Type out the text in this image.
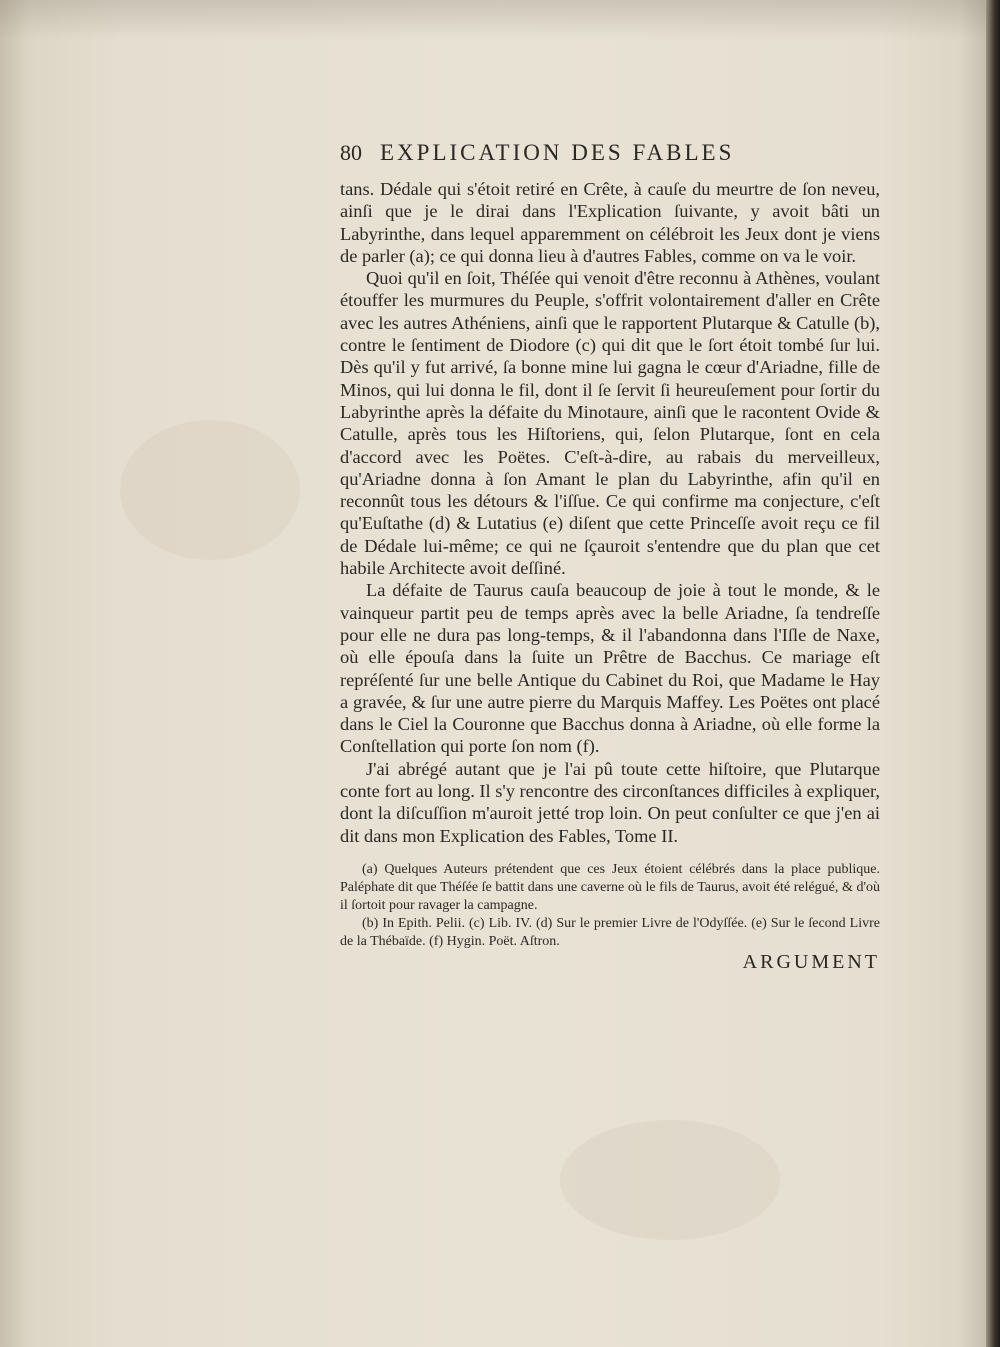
80 EXPLICATION DES FABLES

tans. Dédale qui s'étoit retiré en Crête, à cauſe du meurtre de ſon neveu, ainſi que je le dirai dans l'Explication ſuivante, y avoit bâti un Labyrinthe, dans lequel apparemment on célébroit les Jeux dont je viens de parler (a); ce qui donna lieu à d'autres Fables, comme on va le voir.

Quoi qu'il en ſoit, Théſée qui venoit d'être reconnu à Athènes, voulant étouffer les murmures du Peuple, s'offrit volontairement d'aller en Crête avec les autres Athéniens, ainſi que le rapportent Plutarque & Catulle (b), contre le ſentiment de Diodore (c) qui dit que le ſort étoit tombé ſur lui. Dès qu'il y fut arrivé, ſa bonne mine lui gagna le cœur d'Ariadne, fille de Minos, qui lui donna le fil, dont il ſe ſervit ſi heureuſement pour ſortir du Labyrinthe après la défaite du Minotaure, ainſi que le racontent Ovide & Catulle, après tous les Hiſtoriens, qui, ſelon Plutarque, ſont en cela d'accord avec les Poëtes. C'eſt-à-dire, au rabais du merveilleux, qu'Ariadne donna à ſon Amant le plan du Labyrinthe, afin qu'il en reconnût tous les détours & l'iſſue. Ce qui confirme ma conjecture, c'eſt qu'Euſtathe (d) & Lutatius (e) diſent que cette Princeſſe avoit reçu ce fil de Dédale lui-même; ce qui ne ſçauroit s'entendre que du plan que cet habile Architecte avoit deſſiné.

La défaite de Taurus cauſa beaucoup de joie à tout le monde, & le vainqueur partit peu de temps après avec la belle Ariadne, ſa tendreſſe pour elle ne dura pas long-temps, & il l'abandonna dans l'Iſle de Naxe, où elle épouſa dans la ſuite un Prêtre de Bacchus. Ce mariage eſt repréſenté ſur une belle Antique du Cabinet du Roi, que Madame le Hay a gravée, & ſur une autre pierre du Marquis Maffey. Les Poëtes ont placé dans le Ciel la Couronne que Bacchus donna à Ariadne, où elle forme la Conſtellation qui porte ſon nom (f).

J'ai abrégé autant que je l'ai pû toute cette hiſtoire, que Plutarque conte fort au long. Il s'y rencontre des circonſtances difficiles à expliquer, dont la diſcuſſion m'auroit jetté trop loin. On peut conſulter ce que j'en ai dit dans mon Explication des Fables, Tome II.

(a) Quelques Auteurs prétendent que ces Jeux étoient célébrés dans la place publique. Paléphate dit que Théſée ſe battit dans une caverne où le fils de Taurus, avoit été relégué, & d'où il ſortoit pour ravager la campagne.

(b) In Epith. Pelii. (c) Lib. IV. (d) Sur le premier Livre de l'Odyſſée. (e) Sur le ſecond Livre de la Thébaïde. (f) Hygin. Poët. Aſtron.

ARGUMENT
